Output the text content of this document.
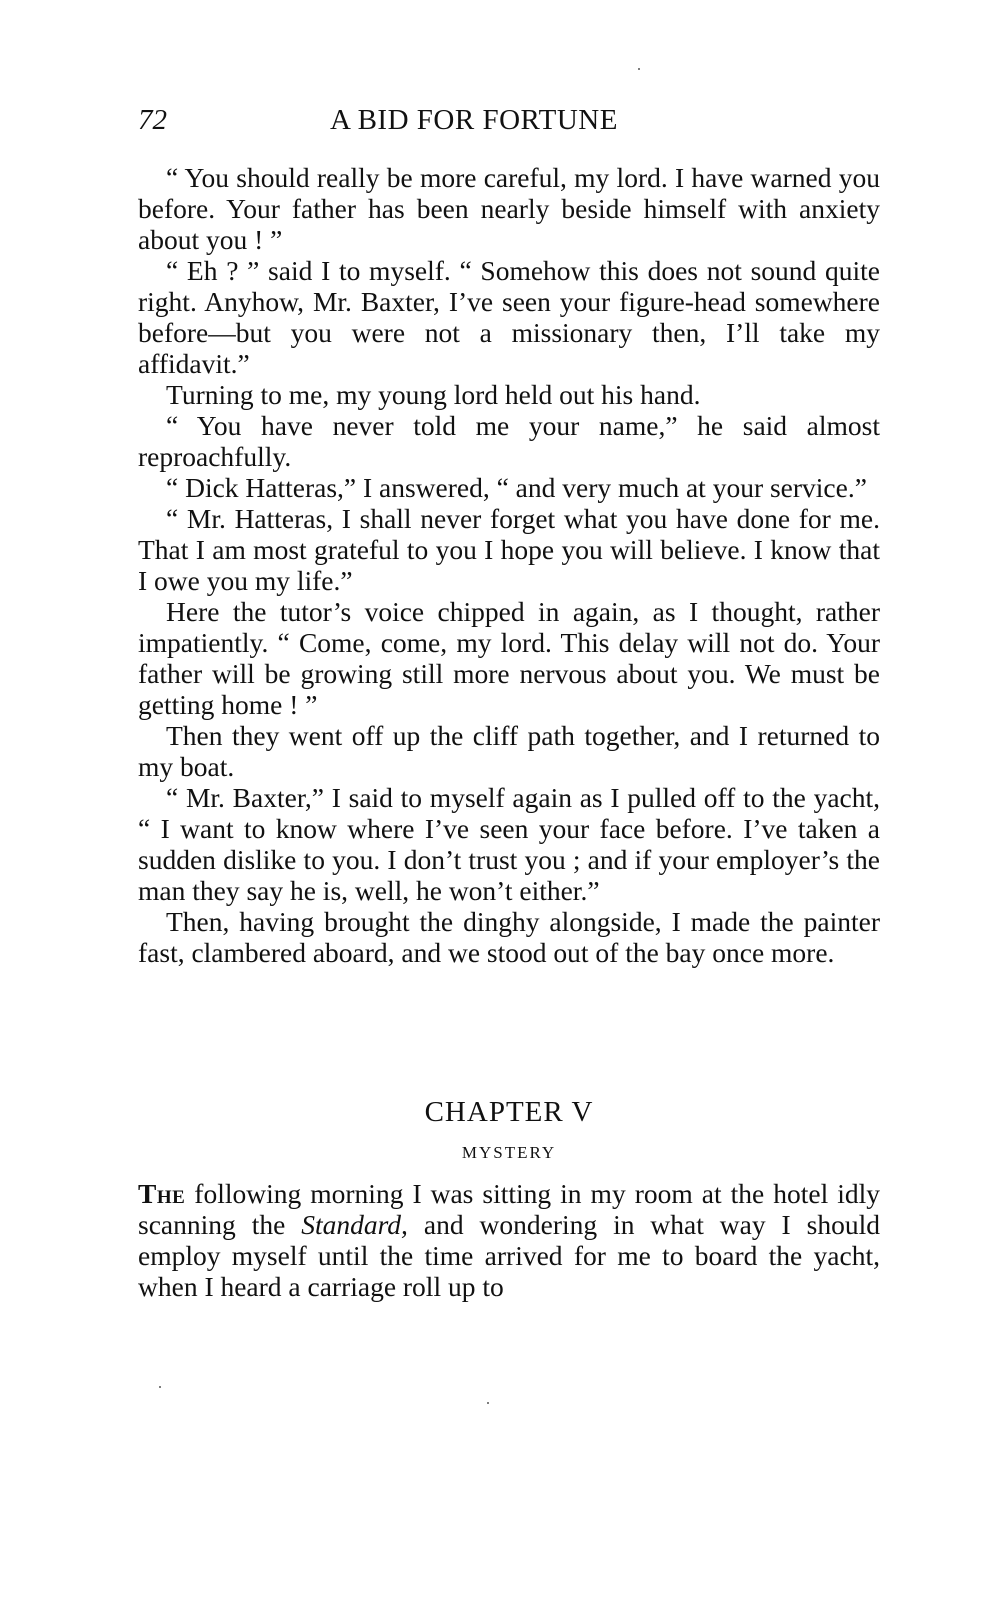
72	A BID FOR FORTUNE

“ You should really be more careful, my lord. I have warned you before. Your father has been nearly beside himself with anxiety about you ! ”

“ Eh ? ” said I to myself. “ Somehow this does not sound quite right. Anyhow, Mr. Baxter, I’ve seen your figure-head somewhere before—but you were not a missionary then, I’ll take my affidavit.”

Turning to me, my young lord held out his hand.

“ You have never told me your name,” he said almost reproachfully.

“ Dick Hatteras,” I answered, “ and very much at your service.”

“ Mr. Hatteras, I shall never forget what you have done for me. That I am most grateful to you I hope you will believe. I know that I owe you my life.”

Here the tutor’s voice chipped in again, as I thought, rather impatiently. “ Come, come, my lord. This delay will not do. Your father will be growing still more nervous about you. We must be getting home ! ”

Then they went off up the cliff path together, and I returned to my boat.

“ Mr. Baxter,” I said to myself again as I pulled off to the yacht, “ I want to know where I’ve seen your face before. I’ve taken a sudden dislike to you. I don’t trust you ; and if your employer’s the man they say he is, well, he won’t either.”

Then, having brought the dinghy alongside, I made the painter fast, clambered aboard, and we stood out of the bay once more.

CHAPTER V
MYSTERY

The following morning I was sitting in my room at the hotel idly scanning the Standard, and wondering in what way I should employ myself until the time arrived for me to board the yacht, when I heard a carriage roll up to
